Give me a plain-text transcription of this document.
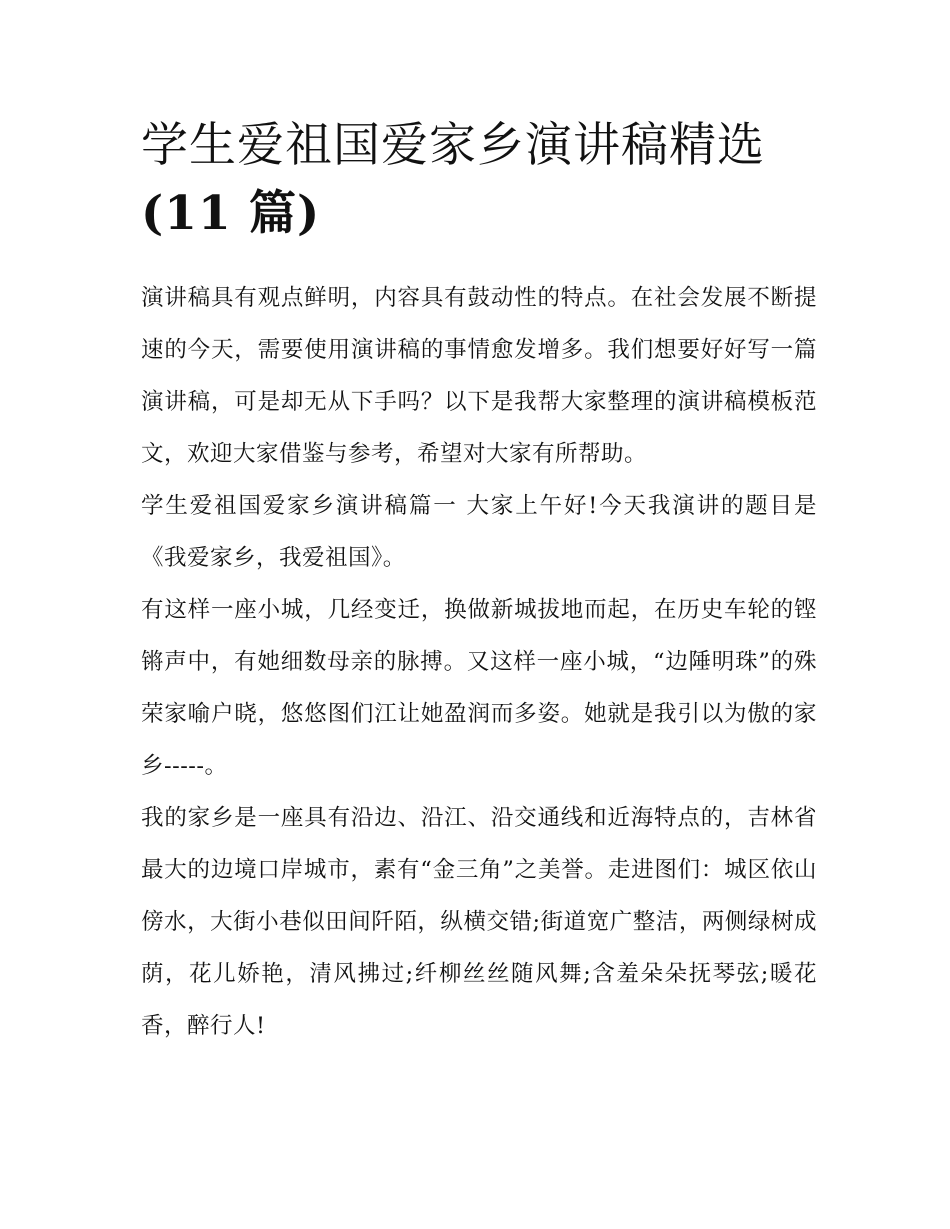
学生爱祖国爱家乡演讲稿精选
(11 篇)

演讲稿具有观点鲜明，内容具有鼓动性的特点。在社会发展不断提速的今天，需要使用演讲稿的事情愈发增多。我们想要好好写一篇演讲稿，可是却无从下手吗？以下是我帮大家整理的演讲稿模板范文，欢迎大家借鉴与参考，希望对大家有所帮助。

学生爱祖国爱家乡演讲稿篇一 大家上午好!今天我演讲的题目是《我爱家乡，我爱祖国》。

有这样一座小城，几经变迁，换做新城拔地而起，在历史车轮的铿锵声中，有她细数母亲的脉搏。又这样一座小城，“边陲明珠”的殊荣家喻户晓，悠悠图们江让她盈润而多姿。她就是我引以为傲的家乡-----。

我的家乡是一座具有沿边、沿江、沿交通线和近海特点的，吉林省最大的边境口岸城市，素有“金三角”之美誉。走进图们：城区依山傍水，大街小巷似田间阡陌，纵横交错;街道宽广整洁，两侧绿树成荫，花儿娇艳，清风拂过;纤柳丝丝随风舞;含羞朵朵抚琴弦;暖花香，醉行人!
